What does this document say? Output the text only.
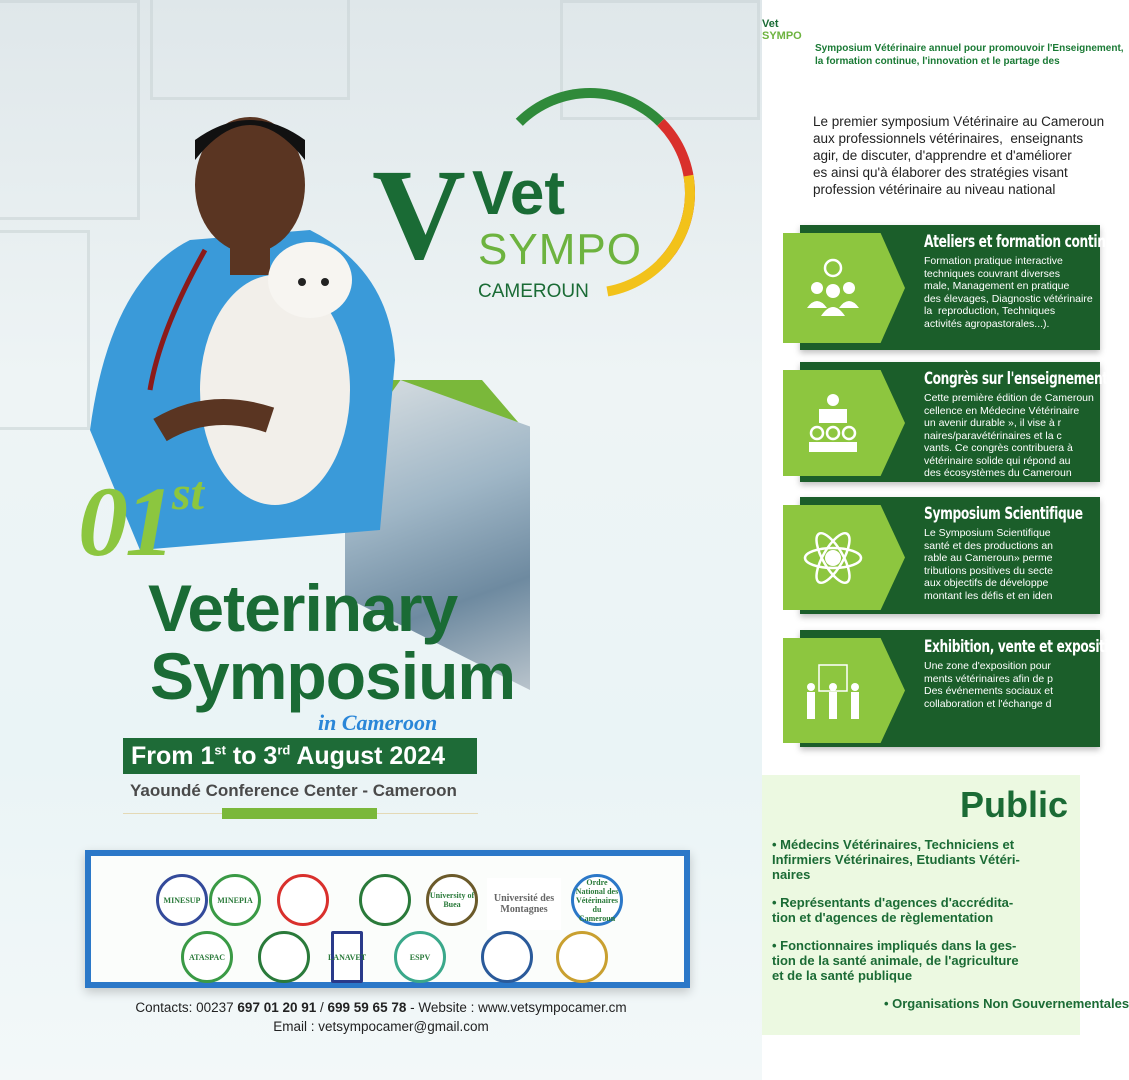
V Vet
SYMPO
CAMEROUN
01st
Veterinary
Symposium
in Cameroon
From 1st to 3rd August 2024
Yaoundé Conference Center - Cameroon
MINESUP	MINEPIA	University of Buea
Université des Montagnes
Ordre National des Vétérinaires du Cameroun
ATASPAC	LANAVET	ESPV
Contacts: 00237 697 01 20 91 / 699 59 65 78 - Website : www.vetsympocamer.cm
Email : vetsympocamer@gmail.com
Vet
SYMPO
Symposium Vétérinaire annuel pour promouvoir l'Enseignement,
la formation continue, l'innovation et le partage des
Le premier symposium Vétérinaire au Cameroun
aux professionnels vétérinaires,  enseignants
agir, de discuter, d'apprendre et d'améliorer
es ainsi qu'à élaborer des stratégies visant
profession vétérinaire au niveau national
Ateliers et formation continue
Formation pratique interactive
techniques couvrant diverses
male, Management en pratique
des élevages, Diagnostic vétérinaire
la  reproduction, Techniques
activités agropastorales...).
Congrès sur l'enseignement
Cette première édition de Cameroun
cellence en Médecine Vétérinaire
un avenir durable », il vise à r
naires/paravétérinaires et la c
vants. Ce congrès contribuera à
vétérinaire solide qui répond au
des écosystèmes du Cameroun
Symposium Scientifique
Le Symposium Scientifique
santé et des productions an
rable au Cameroun» perme
tributions positives du secte
aux objectifs de développe
montant les défis et en iden
Exhibition, vente et exposition
Une zone d'exposition pour
ments vétérinaires afin de p
Des événements sociaux et
collaboration et l'échange d
Public
• Médecins Vétérinaires, Techniciens et
Infirmiers Vétérinaires, Etudiants Vétéri-
naires
• Représentants d'agences d'accrédita-
tion et d'agences de règlementation
• Fonctionnaires impliqués dans la ges-
tion de la santé animale, de l'agriculture
et de la santé publique
• Organisations Non Gouvernementales
